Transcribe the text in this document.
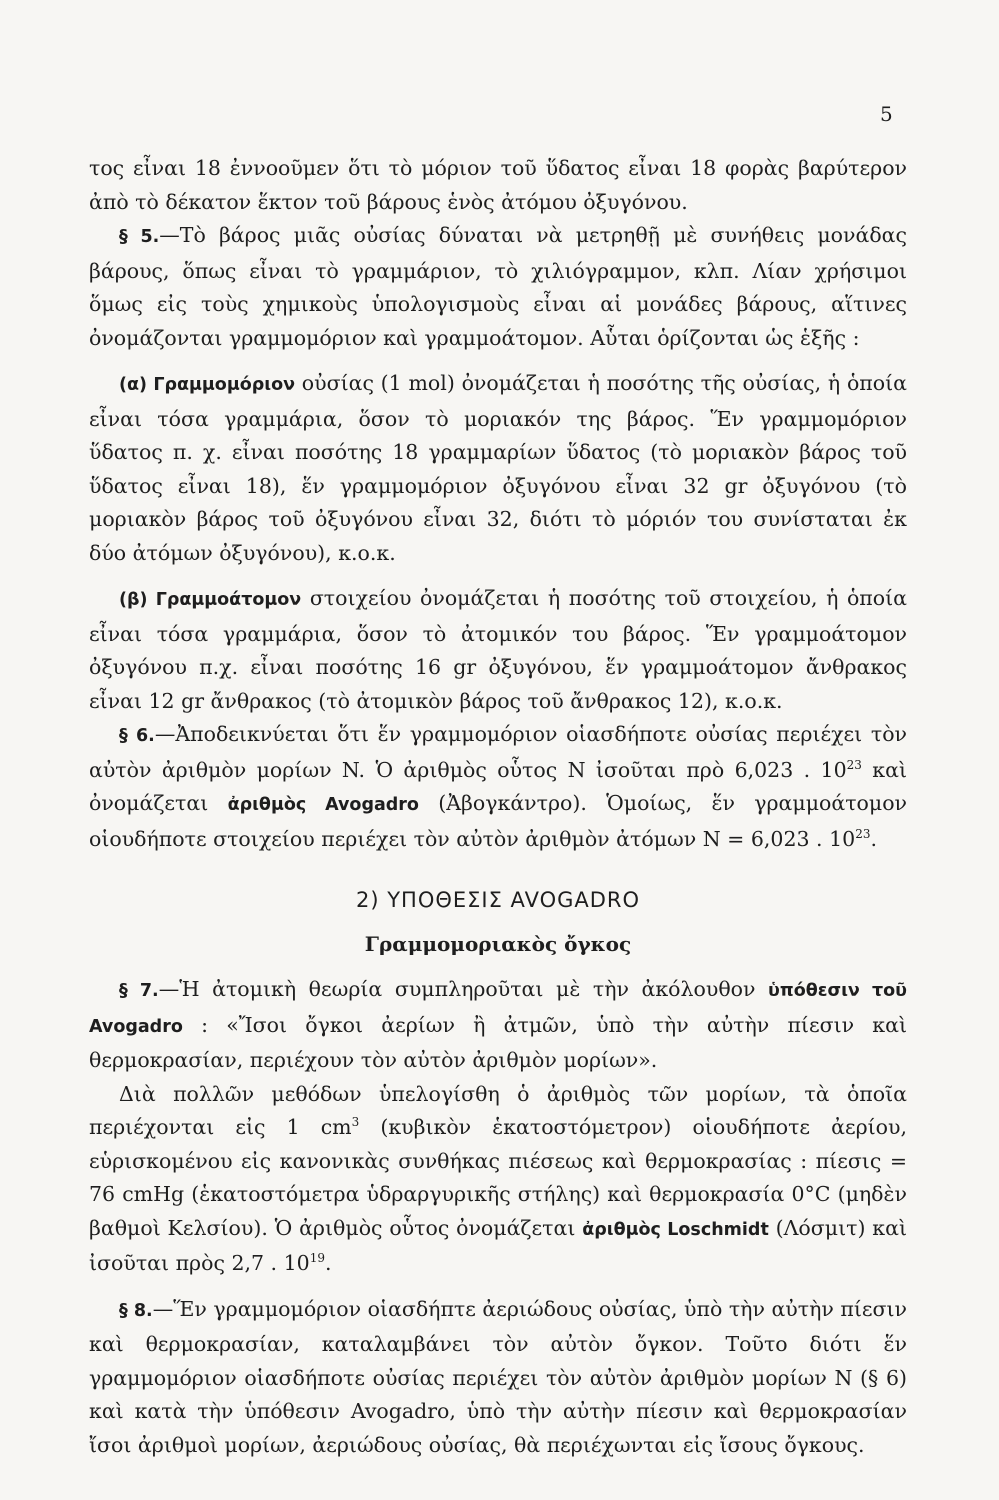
5

τος εἶναι 18 ἐννοοῦμεν ὅτι τὸ μόριον τοῦ ὕδατος εἶναι 18 φορὰς βαρύτερον ἀπὸ τὸ δέκατον ἕκτον τοῦ βάρους ἑνὸς ἀτόμου ὀξυγόνου.

§ 5.—Τὸ βάρος μιᾶς οὐσίας δύναται νὰ μετρηθῇ μὲ συνήθεις μονάδας βάρους, ὅπως εἶναι τὸ γραμμάριον, τὸ χιλιόγραμμον, κλπ. Λίαν χρήσιμοι ὅμως εἰς τοὺς χημικοὺς ὑπολογισμοὺς εἶναι αἱ μονάδες βάρους, αἵτινες ὀνομάζονται γραμμομόριον καὶ γραμμοάτομον. Αὗται ὁρίζονται ὡς ἑξῆς :

(α) Γραμμομόριον οὐσίας (1 mol) ὀνομάζεται ἡ ποσότης τῆς οὐσίας, ἡ ὁποία εἶναι τόσα γραμμάρια, ὅσον τὸ μοριακόν της βάρος. Ἕν γραμμομόριον ὕδατος π. χ. εἶναι ποσότης 18 γραμμαρίων ὕδατος (τὸ μοριακὸν βάρος τοῦ ὕδατος εἶναι 18), ἕν γραμμομόριον ὀξυγόνου εἶναι 32 gr ὀξυγόνου (τὸ μοριακὸν βάρος τοῦ ὀξυγόνου εἶναι 32, διότι τὸ μόριόν του συνίσταται ἐκ δύο ἀτόμων ὀξυγόνου), κ.ο.κ.

(β) Γραμμοάτομον στοιχείου ὀνομάζεται ἡ ποσότης τοῦ στοιχείου, ἡ ὁποία εἶναι τόσα γραμμάρια, ὅσον τὸ ἀτομικόν του βάρος. Ἕν γραμμοάτομον ὀξυγόνου π.χ. εἶναι ποσότης 16 gr ὀξυγόνου, ἕν γραμμοάτομον ἄνθρακος εἶναι 12 gr ἄνθρακος (τὸ ἀτομικὸν βάρος τοῦ ἄνθρακος 12), κ.ο.κ.

§ 6.—Ἀποδεικνύεται ὅτι ἕν γραμμομόριον οἱασδήποτε οὐσίας περιέχει τὸν αὐτὸν ἀριθμὸν μορίων N. Ὁ ἀριθμὸς οὗτος N ἰσοῦται πρὸ 6,023 . $10^{23}$ καὶ ὀνομάζεται ἀριθμὸς Avogadro (Ἀβογκάντρο). Ὁμοίως, ἕν γραμμοάτομον οἱουδήποτε στοιχείου περιέχει τὸν αὐτὸν ἀριθμὸν ἀτόμων N = 6,023 . $10^{23}$.

2) ΥΠΟΘΕΣΙΣ AVOGADRO

Γραμμομοριακὸς ὄγκος

§ 7.—Ἡ ἀτομικὴ θεωρία συμπληροῦται μὲ τὴν ἀκόλουθον ὑπόθεσιν τοῦ Avogadro : «Ἴσοι ὄγκοι ἀερίων ἢ ἀτμῶν, ὑπὸ τὴν αὐτὴν πίεσιν καὶ θερμοκρασίαν, περιέχουν τὸν αὐτὸν ἀριθμὸν μορίων».

Διὰ πολλῶν μεθόδων ὑπελογίσθη ὁ ἀριθμὸς τῶν μορίων, τὰ ὁποῖα περιέχονται εἰς 1 $cm^3$ (κυβικὸν ἑκατοστόμετρον) οἱουδήποτε ἀερίου, εὑρισκομένου εἰς κανονικὰς συνθήκας πιέσεως καὶ θερμοκρασίας : πίεσις = 76 cmHg (ἑκατοστόμετρα ὑδραργυρικῆς στήλης) καὶ θερμοκρασία 0°C (μηδὲν βαθμοὶ Κελσίου). Ὁ ἀριθμὸς οὗτος ὀνομάζεται ἀριθμὸς Loschmidt (Λόσμιτ) καὶ ἰσοῦται πρὸς 2,7 . $10^{19}$.

§ 8.—Ἕν γραμμομόριον οἱασδήπτε ἀεριώδους οὐσίας, ὑπὸ τὴν αὐτὴν πίεσιν καὶ θερμοκρασίαν, καταλαμβάνει τὸν αὐτὸν ὄγκον. Τοῦτο διότι ἕν γραμμομόριον οἱασδήποτε οὐσίας περιέχει τὸν αὐτὸν ἀριθμὸν μορίων N (§ 6) καὶ κατὰ τὴν ὑπόθεσιν Avogadro, ὑπὸ τὴν αὐτὴν πίεσιν καὶ θερμοκρασίαν ἴσοι ἀριθμοὶ μορίων, ἀεριώδους οὐσίας, θὰ περιέχωνται εἰς ἴσους ὄγκους.
